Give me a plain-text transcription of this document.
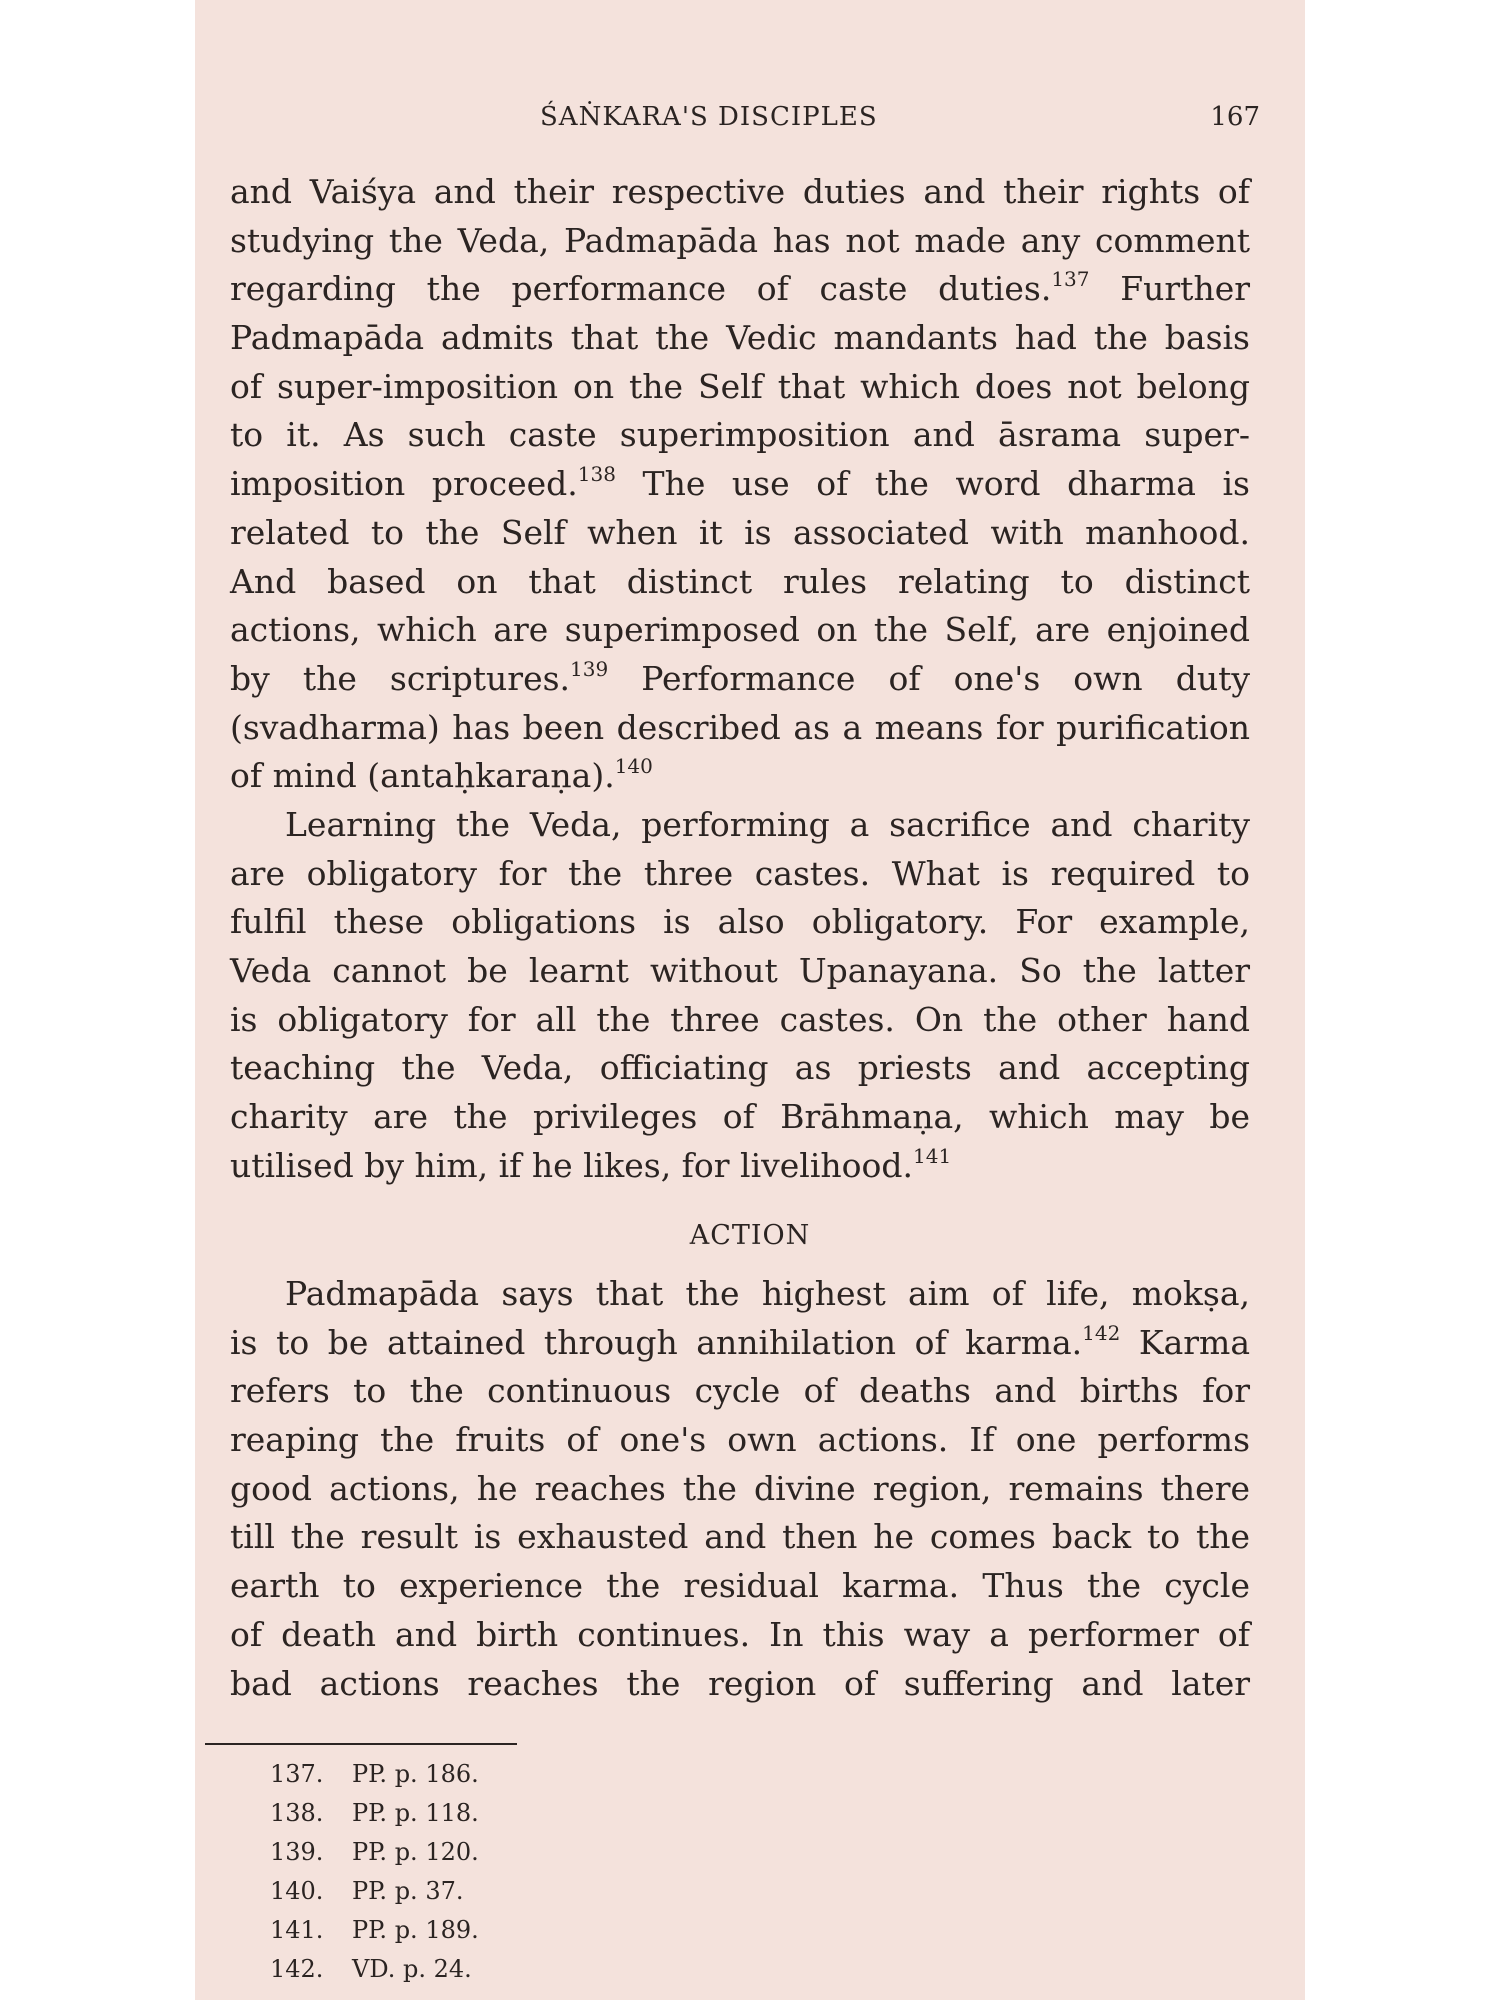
ŚAṄKARA'S DISCIPLES	167
and Vaiśya and their respective duties and their rights of
studying the Veda, Padmapāda has not made any comment
regarding the performance of caste duties.$^{137}$ Further
Padmapāda admits that the Vedic mandants had the basis
of super-imposition on the Self that which does not belong
to it. As such caste superimposition and āsrama super-
imposition proceed.$^{138}$ The use of the word dharma is
related to the Self when it is associated with manhood.
And based on that distinct rules relating to distinct
actions, which are superimposed on the Self, are enjoined
by the scriptures.$^{139}$ Performance of one's own duty
(svadharma) has been described as a means for purification
of mind (antaḥkaraṇa).$^{140}$
Learning the Veda, performing a sacrifice and charity
are obligatory for the three castes. What is required to
fulfil these obligations is also obligatory. For example,
Veda cannot be learnt without Upanayana. So the latter
is obligatory for all the three castes. On the other hand
teaching the Veda, officiating as priests and accepting
charity are the privileges of Brāhmaṇa, which may be
utilised by him, if he likes, for livelihood.$^{141}$
ACTION
Padmapāda says that the highest aim of life, mokṣa,
is to be attained through annihilation of karma.$^{142}$ Karma
refers to the continuous cycle of deaths and births for
reaping the fruits of one's own actions. If one performs
good actions, he reaches the divine region, remains there
till the result is exhausted and then he comes back to the
earth to experience the residual karma. Thus the cycle
of death and birth continues. In this way a performer of
bad actions reaches the region of suffering and later
137.	PP. p. 186.
138.	PP. p. 118.
139.	PP. p. 120.
140.	PP. p. 37.
141.	PP. p. 189.
142.	VD. p. 24.
